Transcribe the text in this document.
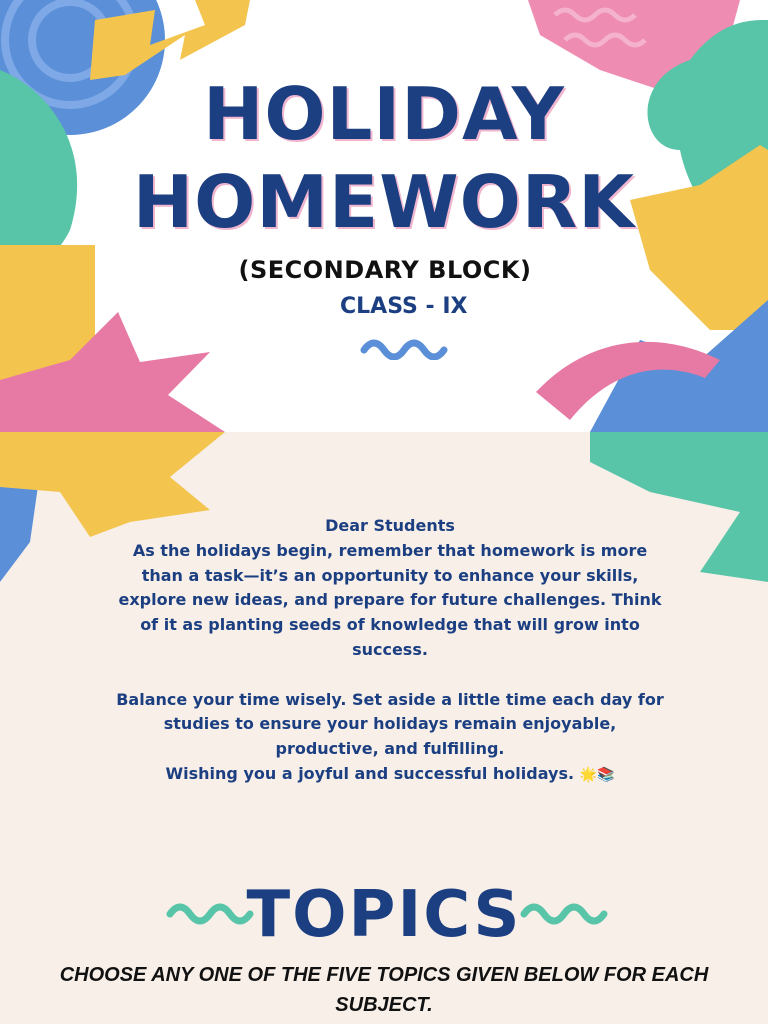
HOLIDAY
HOMEWORK
(SECONDARY BLOCK)
CLASS - IX

Dear Students

As the holidays begin, remember that homework is more than a task—it’s an opportunity to enhance your skills, explore new ideas, and prepare for future challenges. Think of it as planting seeds of knowledge that will grow into success.

Balance your time wisely. Set aside a little time each day for studies to ensure your holidays remain enjoyable, productive, and fulfilling.

Wishing you a joyful and successful holidays. 🌟📚

TOPICS
CHOOSE ANY ONE OF THE FIVE TOPICS GIVEN BELOW FOR EACH SUBJECT.
